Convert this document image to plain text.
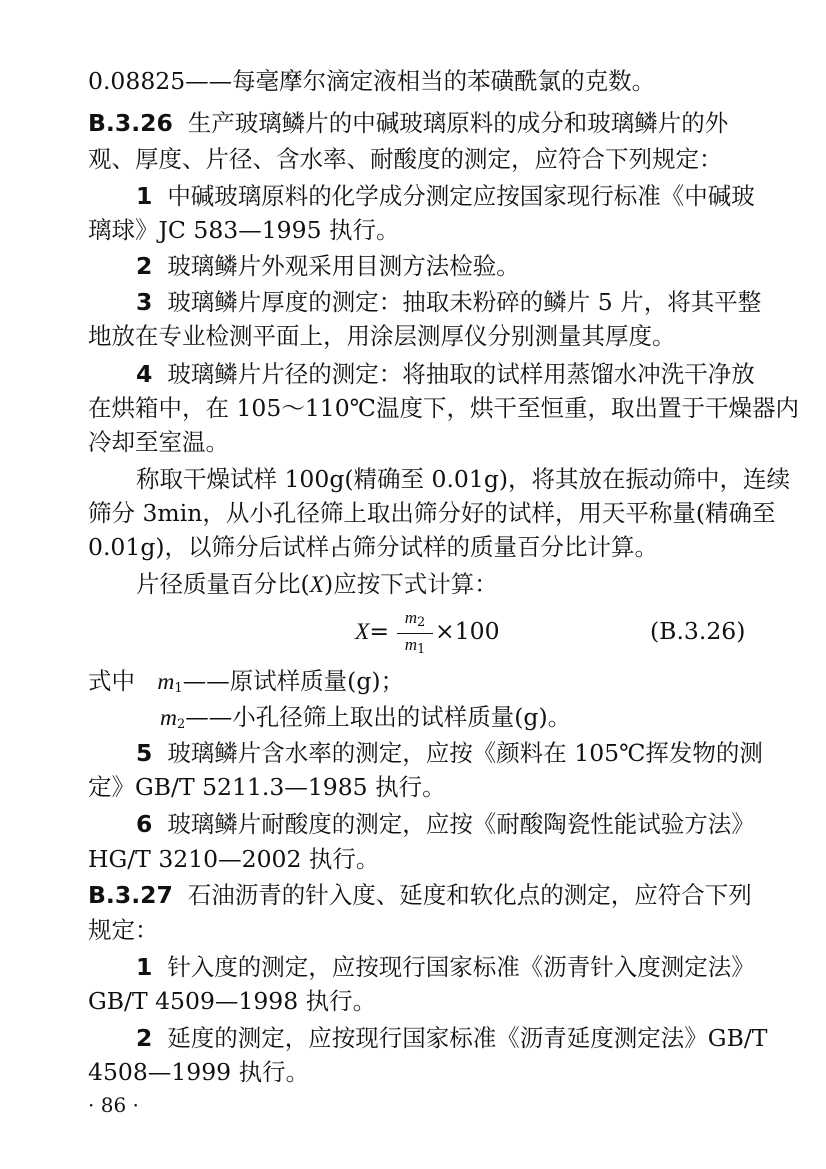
0.08825——每毫摩尔滴定液相当的苯磺酰氯的克数。
B.3.26 生产玻璃鳞片的中碱玻璃原料的成分和玻璃鳞片的外
观、厚度、片径、含水率、耐酸度的测定，应符合下列规定：
1 中碱玻璃原料的化学成分测定应按国家现行标准《中碱玻
璃球》JC 583—1995 执行。
2 玻璃鳞片外观采用目测方法检验。
3 玻璃鳞片厚度的测定：抽取未粉碎的鳞片 5 片，将其平整
地放在专业检测平面上，用涂层测厚仪分别测量其厚度。
4 玻璃鳞片片径的测定：将抽取的试样用蒸馏水冲洗干净放
在烘箱中，在 105～110℃温度下，烘干至恒重，取出置于干燥器内
冷却至室温。
称取干燥试样 100g(精确至 0.01g)，将其放在振动筛中，连续
筛分 3min，从小孔径筛上取出筛分好的试样，用天平称量(精确至
0.01g)，以筛分后试样占筛分试样的质量百分比计算。
片径质量百分比(X)应按下式计算：
$X= \frac{m_2}{m_1} \times 100$	(B.3.26)
式中 $m_1——$原试样质量(g)；
$m_2——$小孔径筛上取出的试样质量(g)。
5 玻璃鳞片含水率的测定，应按《颜料在 105℃挥发物的测
定》GB/T 5211.3—1985 执行。
6 玻璃鳞片耐酸度的测定，应按《耐酸陶瓷性能试验方法》
HG/T 3210—2002 执行。
B.3.27 石油沥青的针入度、延度和软化点的测定，应符合下列
规定：
1 针入度的测定，应按现行国家标准《沥青针入度测定法》
GB/T 4509—1998 执行。
2 延度的测定，应按现行国家标准《沥青延度测定法》GB/T
4508—1999 执行。
· 86 ·
